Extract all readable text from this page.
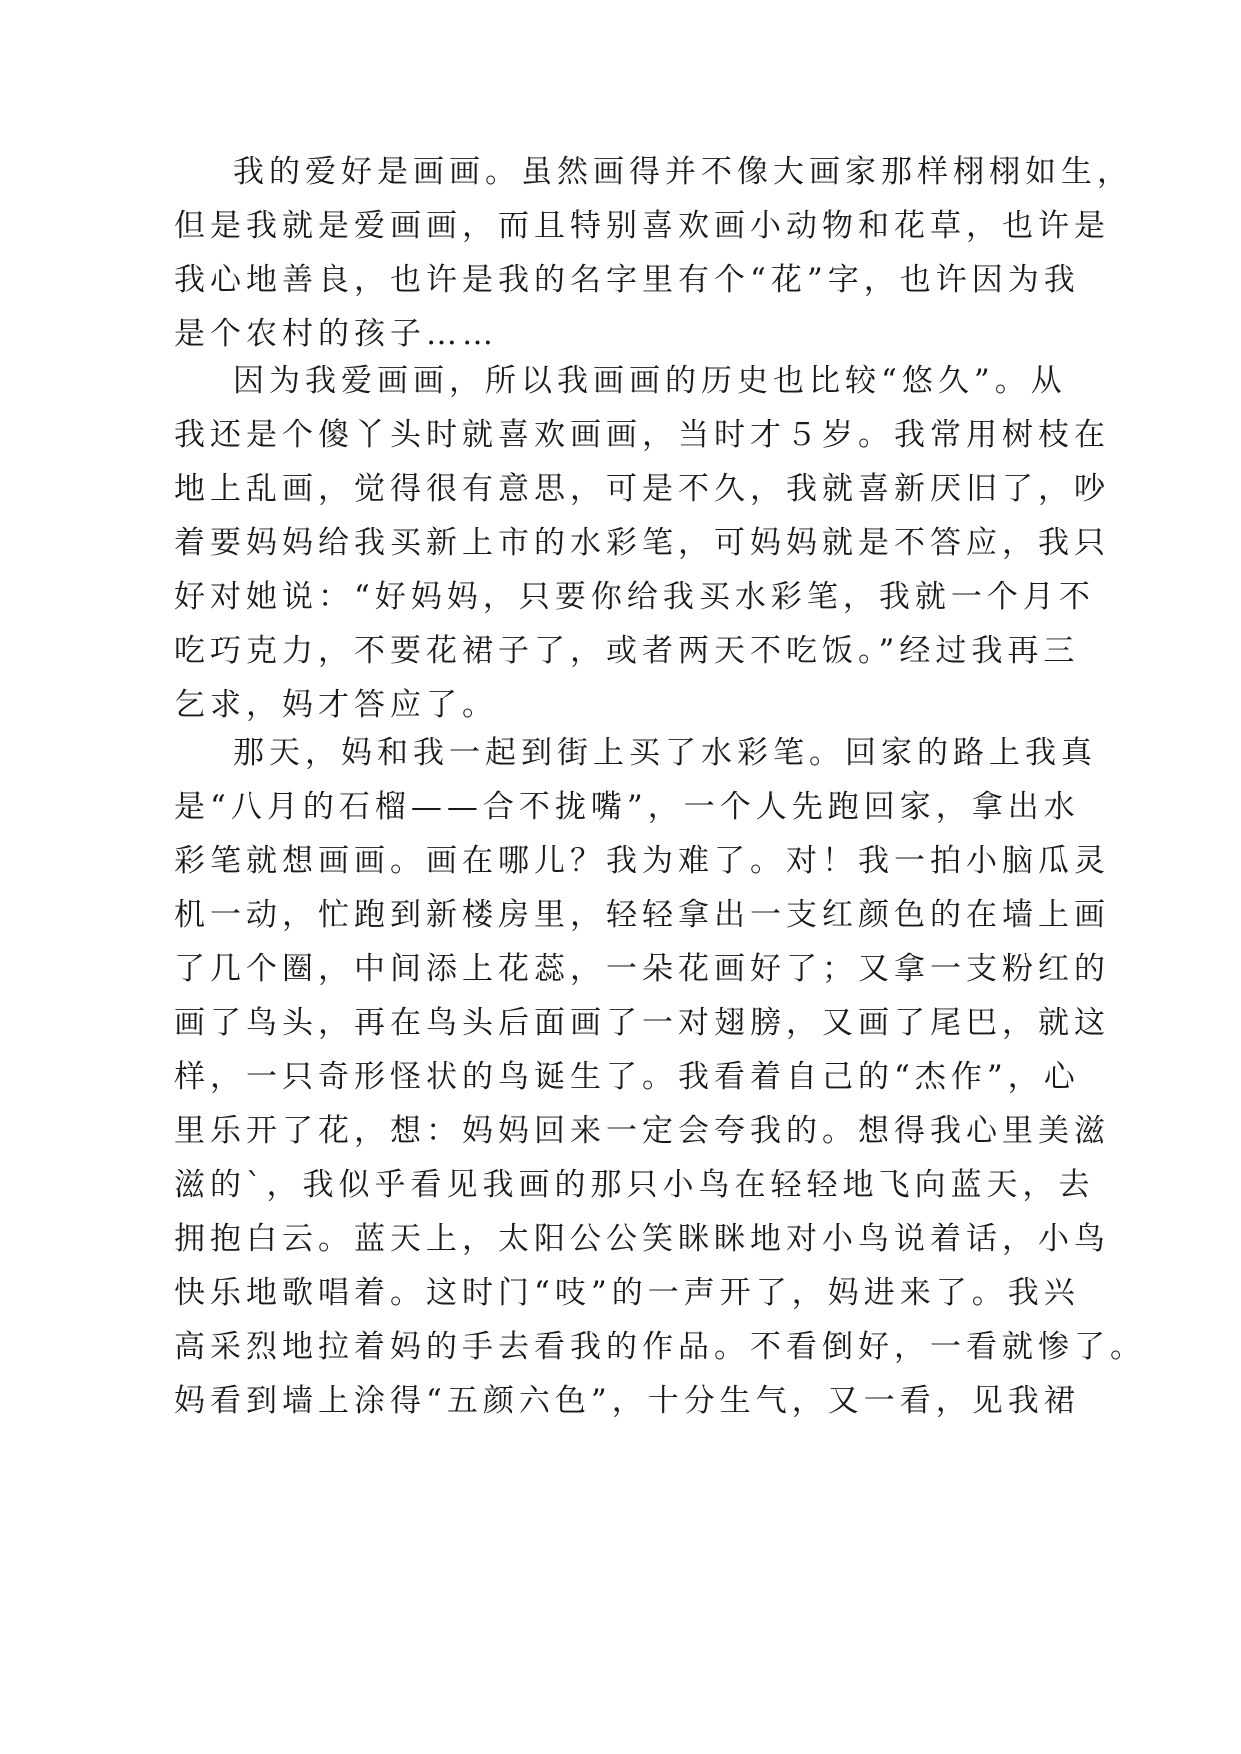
我的爱好是画画。虽然画得并不像大画家那样栩栩如生，
但是我就是爱画画，而且特别喜欢画小动物和花草，也许是
我心地善良，也许是我的名字里有个“花”字，也许因为我
是个农村的孩子……
因为我爱画画，所以我画画的历史也比较“悠久”。从
我还是个傻丫头时就喜欢画画，当时才５岁。我常用树枝在
地上乱画，觉得很有意思，可是不久，我就喜新厌旧了，吵
着要妈妈给我买新上市的水彩笔，可妈妈就是不答应，我只
好对她说：“好妈妈，只要你给我买水彩笔，我就一个月不
吃巧克力，不要花裙子了，或者两天不吃饭。”经过我再三
乞求，妈才答应了。
那天，妈和我一起到街上买了水彩笔。回家的路上我真
是“八月的石榴——合不拢嘴”，一个人先跑回家，拿出水
彩笔就想画画。画在哪儿？我为难了。对！我一拍小脑瓜灵
机一动，忙跑到新楼房里，轻轻拿出一支红颜色的在墙上画
了几个圈，中间添上花蕊，一朵花画好了；又拿一支粉红的
画了鸟头，再在鸟头后面画了一对翅膀，又画了尾巴，就这
样，一只奇形怪状的鸟诞生了。我看着自己的“杰作”，心
里乐开了花，想：妈妈回来一定会夸我的。想得我心里美滋
滋的`，我似乎看见我画的那只小鸟在轻轻地飞向蓝天，去
拥抱白云。蓝天上，太阳公公笑眯眯地对小鸟说着话，小鸟
快乐地歌唱着。这时门“吱”的一声开了，妈进来了。我兴
高采烈地拉着妈的手去看我的作品。不看倒好，一看就惨了。
妈看到墙上涂得“五颜六色”，十分生气，又一看，见我裙
